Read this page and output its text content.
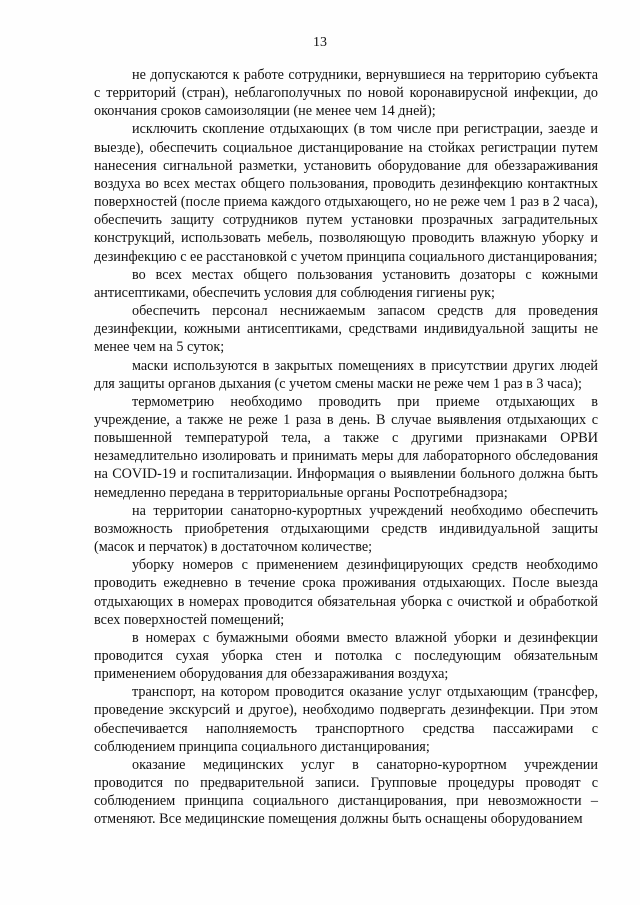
13

не допускаются к работе сотрудники, вернувшиеся на территорию субъекта с территорий (стран), неблагополучных по новой коронавирусной инфекции, до окончания сроков самоизоляции (не менее чем 14 дней);

исключить скопление отдыхающих (в том числе при регистрации, заезде и выезде), обеспечить социальное дистанцирование на стойках регистрации путем нанесения сигнальной разметки, установить оборудование для обеззараживания воздуха во всех местах общего пользования, проводить дезинфекцию контактных поверхностей (после приема каждого отдыхающего, но не реже чем 1 раз в 2 часа), обеспечить защиту сотрудников путем установки прозрачных заградительных конструкций, использовать мебель, позволяющую проводить влажную уборку и дезинфекцию с ее расстановкой с учетом принципа социального дистанцирования;

во всех местах общего пользования установить дозаторы с кожными антисептиками, обеспечить условия для соблюдения гигиены рук;

обеспечить персонал неснижаемым запасом средств для проведения дезинфекции, кожными антисептиками, средствами индивидуальной защиты не менее чем на 5 суток;

маски используются в закрытых помещениях в присутствии других людей для защиты органов дыхания (с учетом смены маски не реже чем 1 раз в 3 часа);

термометрию необходимо проводить при приеме отдыхающих в учреждение, а также не реже 1 раза в день. В случае выявления отдыхающих с повышенной температурой тела, а также с другими признаками ОРВИ незамедлительно изолировать и принимать меры для лабораторного обследования на COVID-19 и госпитализации. Информация о выявлении больного должна быть немедленно передана в территориальные органы Роспотребнадзора;

на территории санаторно-курортных учреждений необходимо обеспечить возможность приобретения отдыхающими средств индивидуальной защиты (масок и перчаток) в достаточном количестве;

уборку номеров с применением дезинфицирующих средств необходимо проводить ежедневно в течение срока проживания отдыхающих. После выезда отдыхающих в номерах проводится обязательная уборка с очисткой и обработкой всех поверхностей помещений;

в номерах с бумажными обоями вместо влажной уборки и дезинфекции проводится сухая уборка стен и потолка с последующим обязательным применением оборудования для обеззараживания воздуха;

транспорт, на котором проводится оказание услуг отдыхающим (трансфер, проведение экскурсий и другое), необходимо подвергать дезинфекции. При этом обеспечивается наполняемость транспортного средства пассажирами с соблюдением принципа социального дистанцирования;

оказание медицинских услуг в санаторно-курортном учреждении проводится по предварительной записи. Групповые процедуры проводят с соблюдением принципа социального дистанцирования, при невозможности – отменяют. Все медицинские помещения должны быть оснащены оборудованием
